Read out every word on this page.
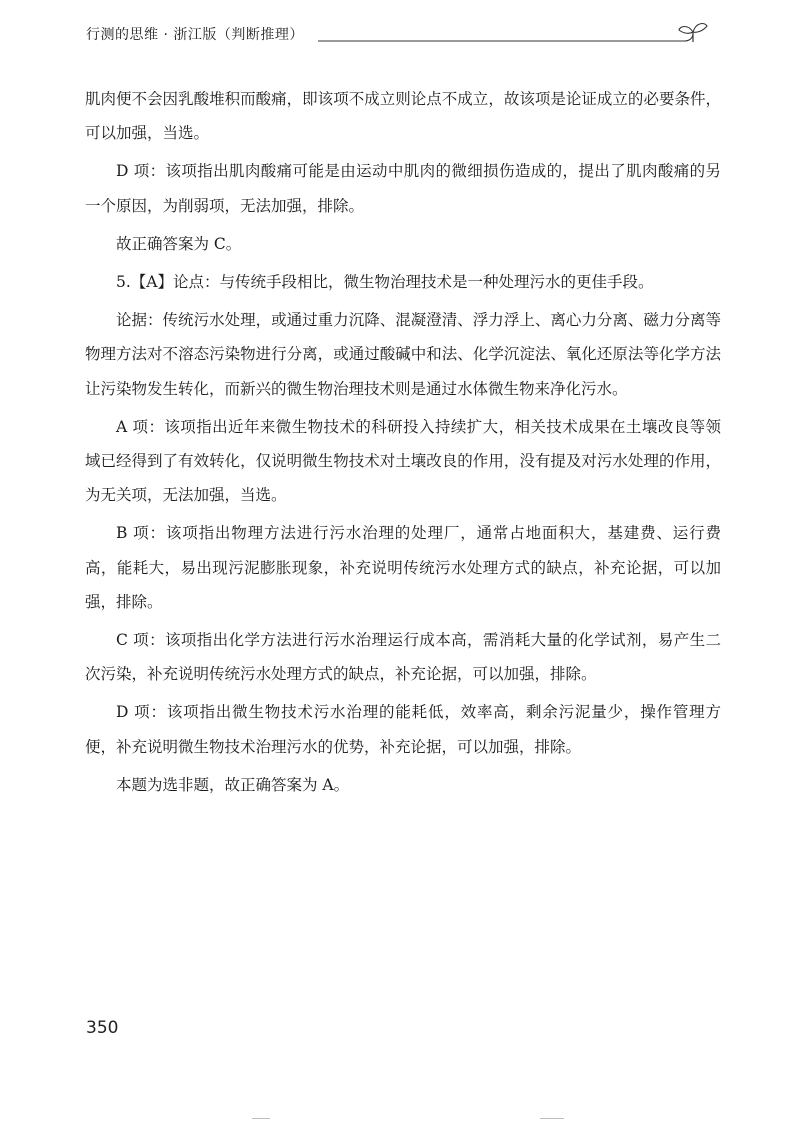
行测的思维 · 浙江版（判断推理）

肌肉便不会因乳酸堆积而酸痛，即该项不成立则论点不成立，故该项是论证成立的必要条件，可以加强，当选。

D 项：该项指出肌肉酸痛可能是由运动中肌肉的微细损伤造成的，提出了肌肉酸痛的另一个原因，为削弱项，无法加强，排除。

故正确答案为 C。

5.【A】论点：与传统手段相比，微生物治理技术是一种处理污水的更佳手段。

论据：传统污水处理，或通过重力沉降、混凝澄清、浮力浮上、离心力分离、磁力分离等物理方法对不溶态污染物进行分离，或通过酸碱中和法、化学沉淀法、氧化还原法等化学方法让污染物发生转化，而新兴的微生物治理技术则是通过水体微生物来净化污水。

A 项：该项指出近年来微生物技术的科研投入持续扩大，相关技术成果在土壤改良等领域已经得到了有效转化，仅说明微生物技术对土壤改良的作用，没有提及对污水处理的作用，为无关项，无法加强，当选。

B 项：该项指出物理方法进行污水治理的处理厂，通常占地面积大，基建费、运行费高，能耗大，易出现污泥膨胀现象，补充说明传统污水处理方式的缺点，补充论据，可以加强，排除。

C 项：该项指出化学方法进行污水治理运行成本高，需消耗大量的化学试剂，易产生二次污染，补充说明传统污水处理方式的缺点，补充论据，可以加强，排除。

D 项：该项指出微生物技术污水治理的能耗低，效率高，剩余污泥量少，操作管理方便，补充说明微生物技术治理污水的优势，补充论据，可以加强，排除。

本题为选非题，故正确答案为 A。

350
